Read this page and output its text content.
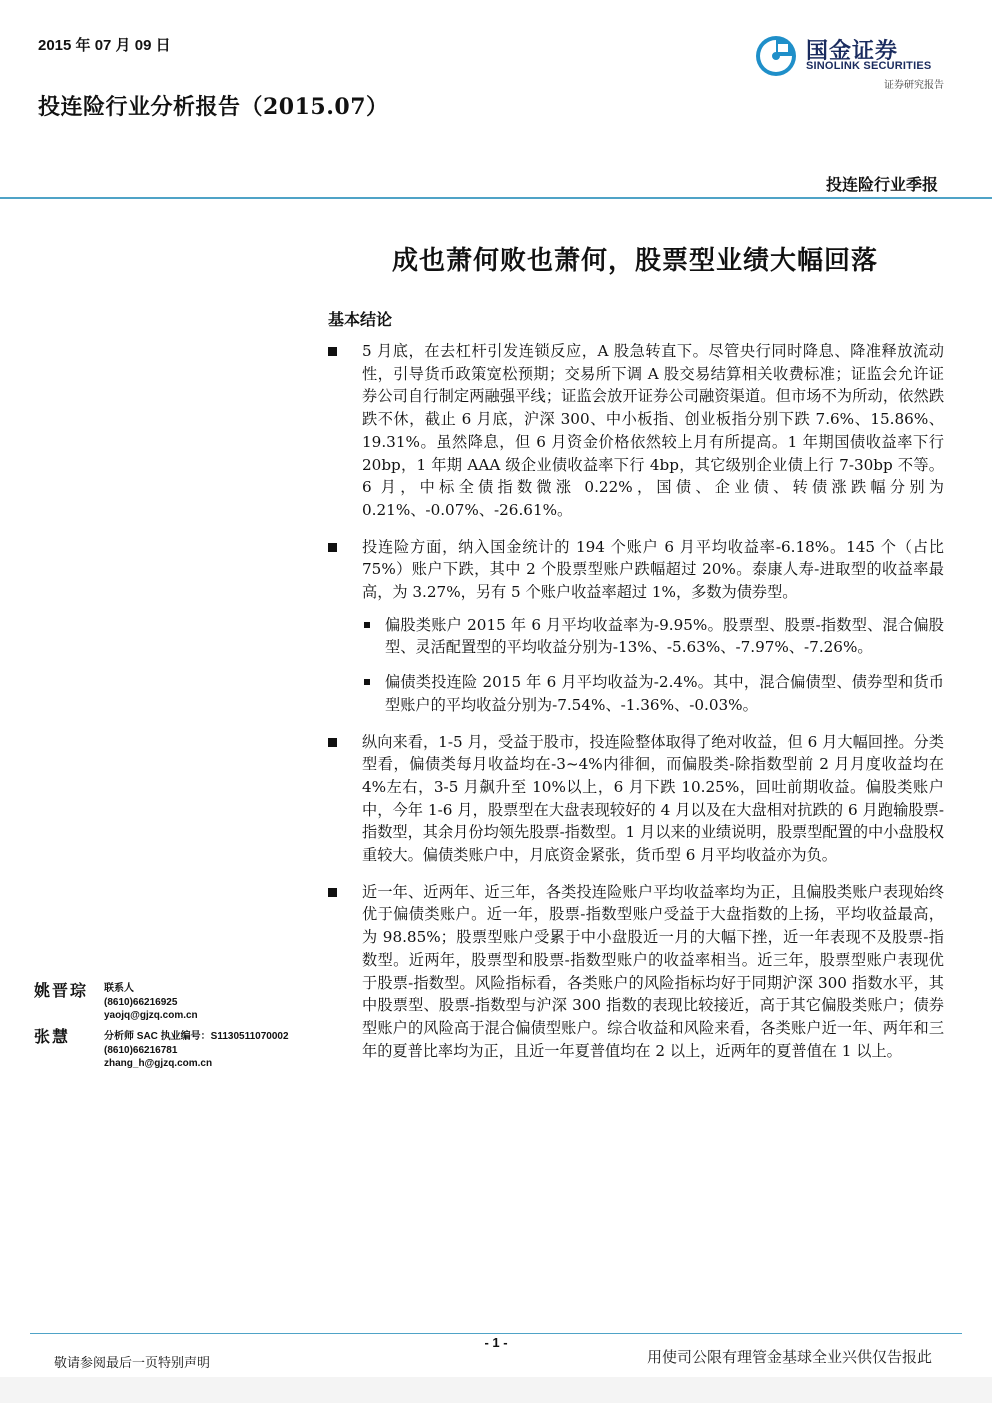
2015 年 07 月 09 日
投连险行业分析报告（2015.07）
国金证券
SINOLINK SECURITIES
证券研究报告
投连险行业季报
成也萧何败也萧何，股票型业绩大幅回落
基本结论
5 月底，在去杠杆引发连锁反应，A 股急转直下。尽管央行同时降息、降准释放流动性，引导货币政策宽松预期；交易所下调 A 股交易结算相关收费标准；证监会允许证券公司自行制定两融强平线；证监会放开证券公司融资渠道。但市场不为所动，依然跌跌不休，截止 6 月底，沪深 300、中小板指、创业板指分别下跌 7.6%、15.86%、19.31%。虽然降息，但 6 月资金价格依然较上月有所提高。1 年期国债收益率下行 20bp，1 年期 AAA 级企业债收益率下行 4bp，其它级别企业债上行 7-30bp 不等。6 月，中标全债指数微涨 0.22%，国债、企业债、转债涨跌幅分别为 0.21%、-0.07%、-26.61%。
投连险方面，纳入国金统计的 194 个账户 6 月平均收益率-6.18%。145 个（占比 75%）账户下跌，其中 2 个股票型账户跌幅超过 20%。泰康人寿-进取型的收益率最高，为 3.27%，另有 5 个账户收益率超过 1%，多数为债券型。
偏股类账户 2015 年 6 月平均收益率为-9.95%。股票型、股票-指数型、混合偏股型、灵活配置型的平均收益分别为-13%、-5.63%、-7.97%、-7.26%。
偏债类投连险 2015 年 6 月平均收益为-2.4%。其中，混合偏债型、债券型和货币型账户的平均收益分别为-7.54%、-1.36%、-0.03%。
纵向来看，1-5 月，受益于股市，投连险整体取得了绝对收益，但 6 月大幅回挫。分类型看，偏债类每月收益均在-3~4%内徘徊，而偏股类-除指数型前 2 月月度收益均在 4%左右，3-5 月飙升至 10%以上，6 月下跌 10.25%，回吐前期收益。偏股类账户中，今年 1-6 月，股票型在大盘表现较好的 4 月以及在大盘相对抗跌的 6 月跑输股票-指数型，其余月份均领先股票-指数型。1 月以来的业绩说明，股票型配置的中小盘股权重较大。偏债类账户中，月底资金紧张，货币型 6 月平均收益亦为负。
近一年、近两年、近三年，各类投连险账户平均收益率均为正，且偏股类账户表现始终优于偏债类账户。近一年，股票-指数型账户受益于大盘指数的上扬，平均收益最高，为 98.85%；股票型账户受累于中小盘股近一月的大幅下挫，近一年表现不及股票-指数型。近两年，股票型和股票-指数型账户的收益率相当。近三年，股票型账户表现优于股票-指数型。风险指标看，各类账户的风险指标均好于同期沪深 300 指数水平，其中股票型、股票-指数型与沪深 300 指数的表现比较接近，高于其它偏股类账户；债券型账户的风险高于混合偏债型账户。综合收益和风险来看，各类账户近一年、两年和三年的夏普比率均为正，且近一年夏普值均在 2 以上，近两年的夏普值在 1 以上。
姚晋琮 联系人
(8610)66216925
yaojq@gjzq.com.cn
张慧	分析师 SAC 执业编号：S1130511070002
(8610)66216781
zhang_h@gjzq.com.cn
- 1 -
敬请参阅最后一页特别声明	用使司公限有理管金基球全业兴供仅告报此
